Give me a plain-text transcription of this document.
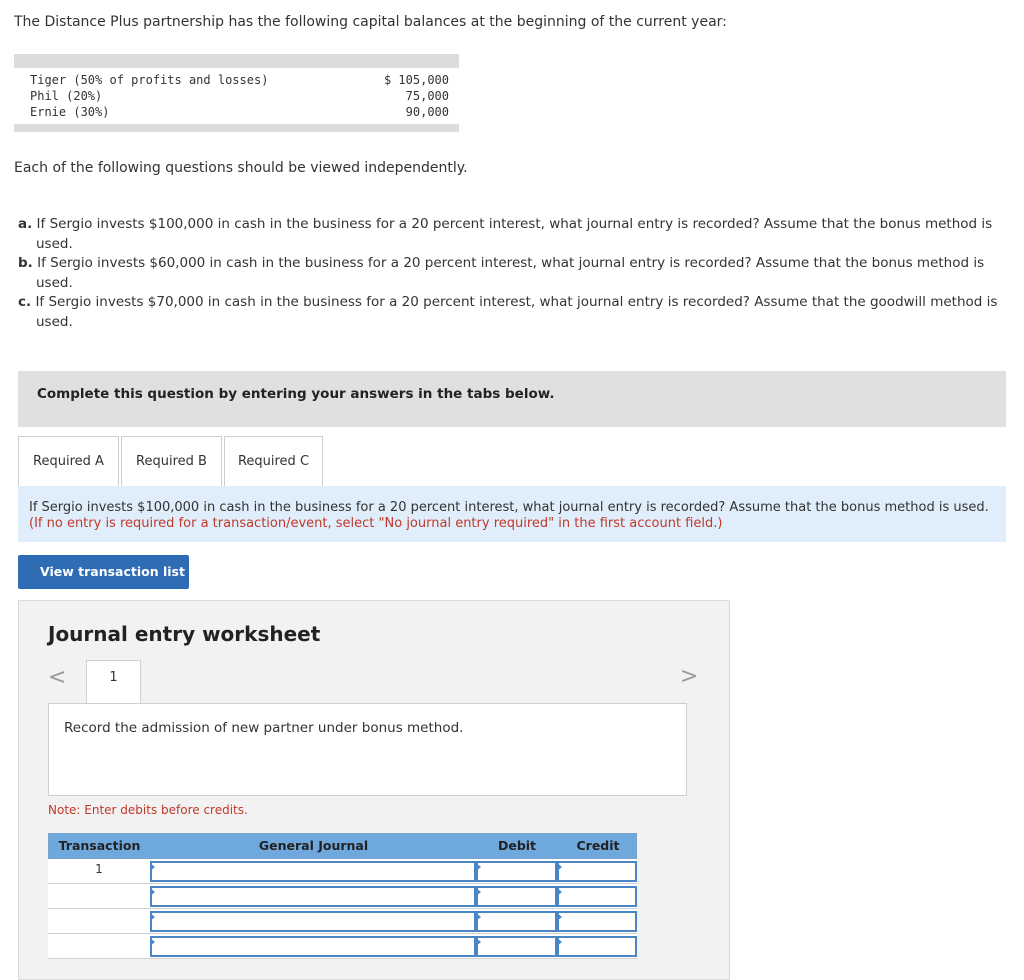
The Distance Plus partnership has the following capital balances at the beginning of the current year:
Tiger (50% of profits and losses)	$ 105,000
Phil (20%)	75,000
Ernie (30%)	90,000
Each of the following questions should be viewed independently.
a. If Sergio invests $100,000 in cash in the business for a 20 percent interest, what journal entry is recorded? Assume that the bonus method is used.
b. If Sergio invests $60,000 in cash in the business for a 20 percent interest, what journal entry is recorded? Assume that the bonus method is used.
c. If Sergio invests $70,000 in cash in the business for a 20 percent interest, what journal entry is recorded? Assume that the goodwill method is used.
Complete this question by entering your answers in the tabs below.
Required A	Required B	Required C
If Sergio invests $100,000 in cash in the business for a 20 percent interest, what journal entry is recorded? Assume that the bonus method is used. (If no entry is required for a transaction/event, select "No journal entry required" in the first account field.)
View transaction list
Journal entry worksheet
<	1	>
Record the admission of new partner under bonus method.
Note: Enter debits before credits.
Transaction	General Journal	Debit	Credit
1
